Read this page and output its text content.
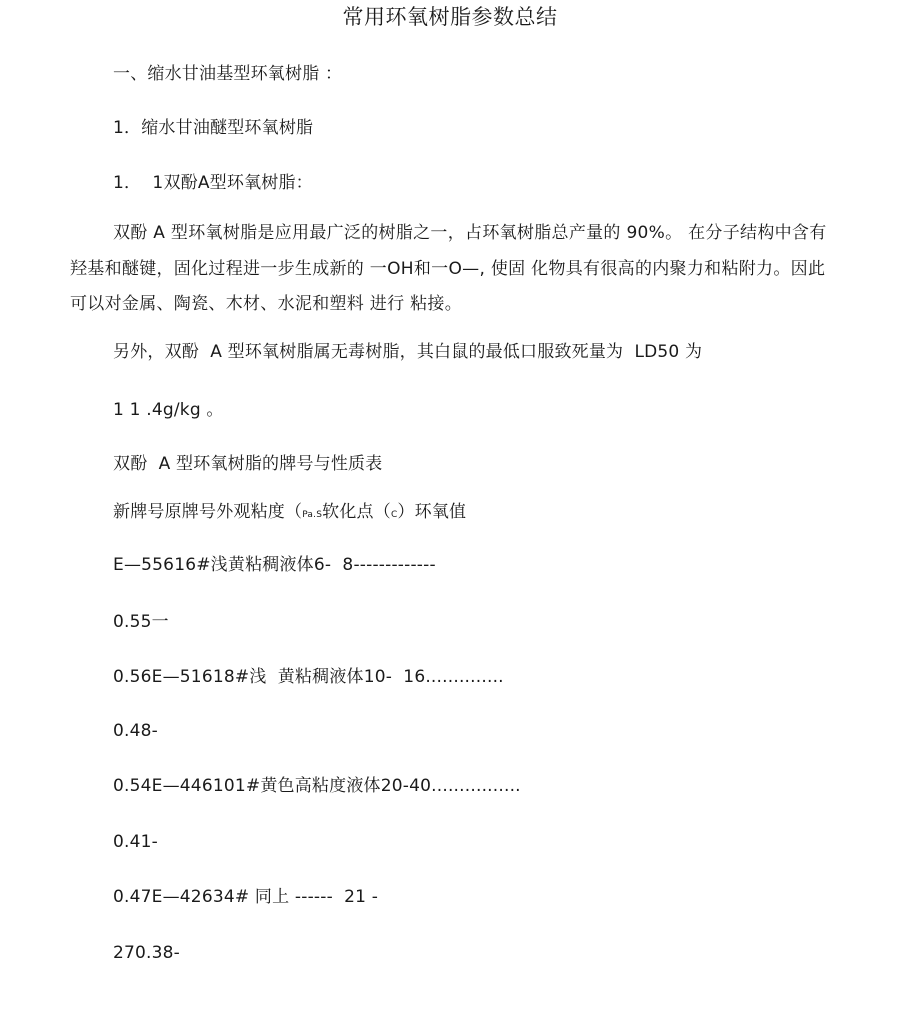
常用环氧树脂参数总结
一、缩水甘油基型环氧树脂 ：
1．缩水甘油醚型环氧树脂
1．  1双酚A型环氧树脂：
双酚 A 型环氧树脂是应用最广泛的树脂之一，占环氧树脂总产量的 90%。 在分子结构中含有羟基和醚键，固化过程进一步生成新的 一OH和一O—, 使固 化物具有很高的内聚力和粘附力。因此可以对金属、陶瓷、木材、水泥和塑料 进行 粘接。
另外，双酚  A 型环氧树脂属无毒树脂，其白鼠的最低口服致死量为  LD50 为
1 1 .4g/kg 。
双酚  A 型环氧树脂的牌号与性质表
新牌号原牌号外观粘度（Pa.S软化点（C）环氧值
E—55616#浅黄粘稠液体6-  8-------------
0.55一
0.56E—51618#浅  黄粘稠液体10-  16..............
0.48-
0.54E—446101#黄色高粘度液体20-40................
0.41-
0.47E—42634# 同上 ------  21 -
270.38-
